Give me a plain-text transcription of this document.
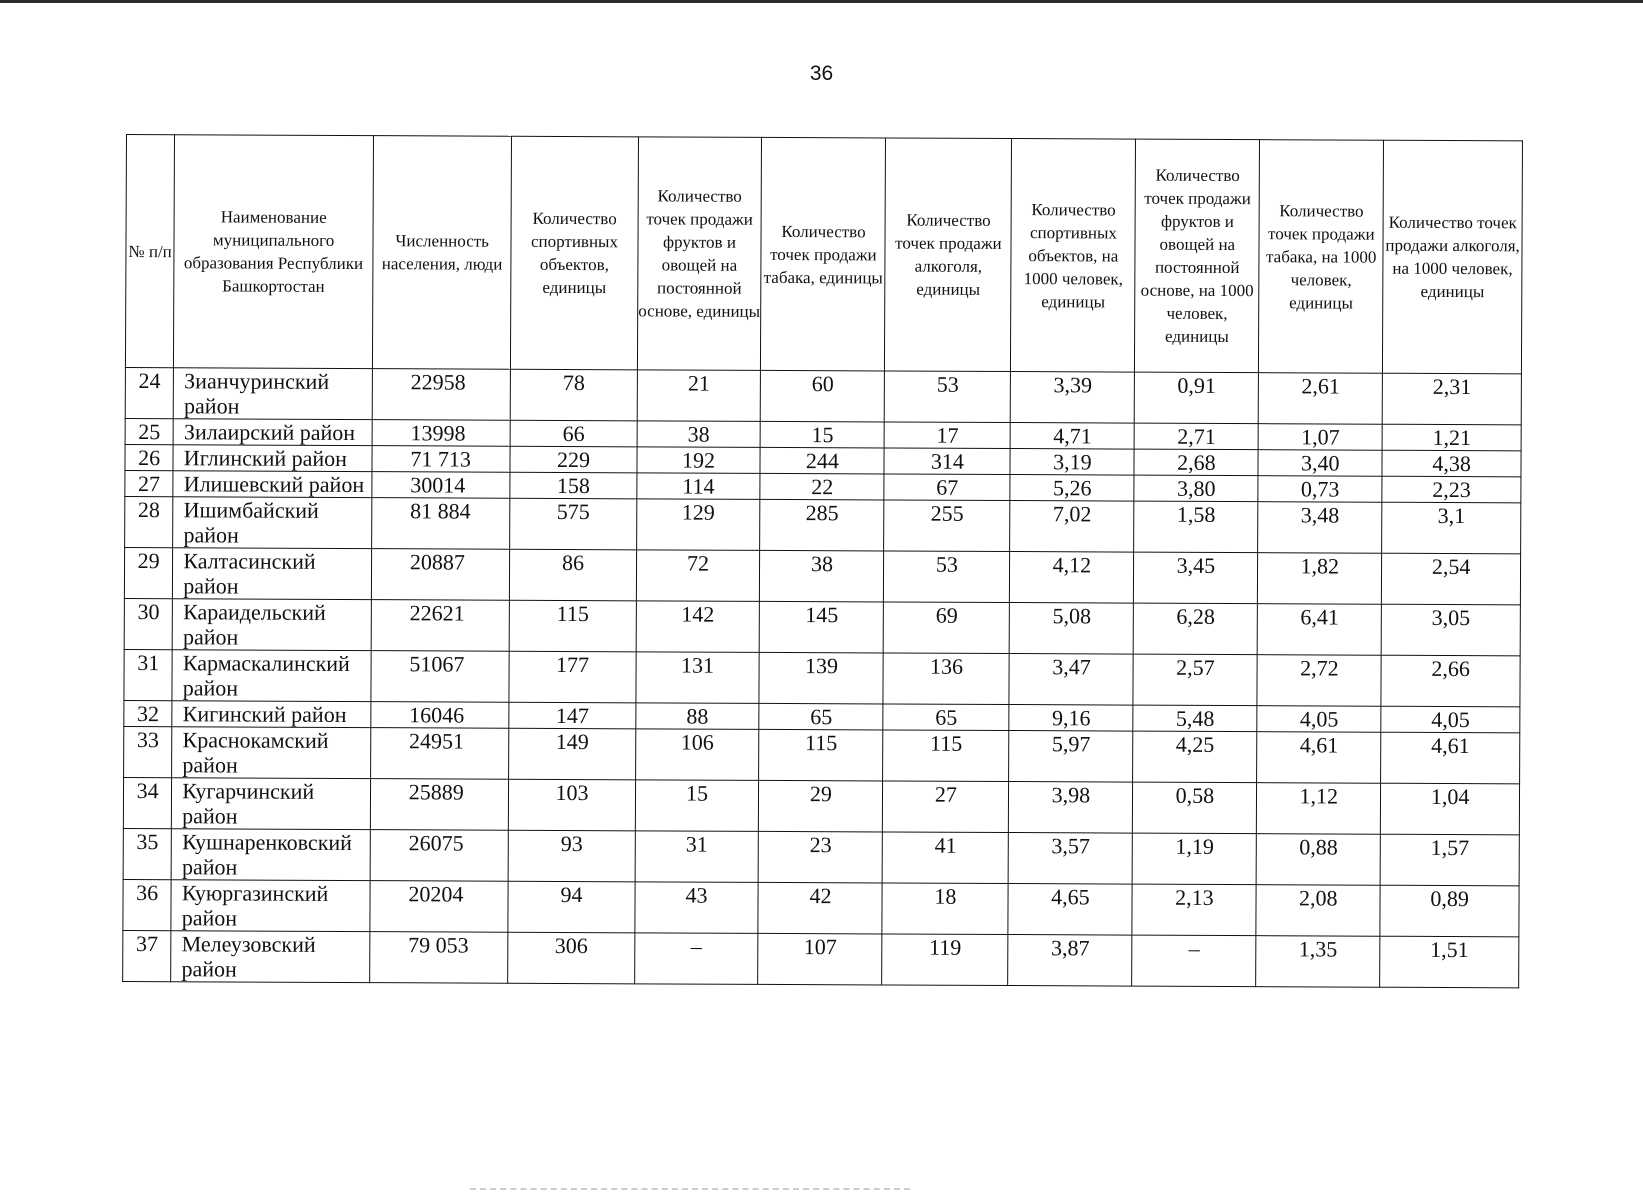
36
№ п/п	Наименование муниципального образования Республики Башкортостан	Численность населения, люди	Количество спортивных объектов, единицы	Количество точек продажи фруктов и овощей на постоянной основе, единицы	Количество точек продажи табака, единицы	Количество точек продажи алкоголя, единицы	Количество спортивных объектов, на 1000 человек, единицы	Количество точек продажи фруктов и овощей на постоянной основе, на 1000 человек, единицы	Количество точек продажи табака, на 1000 человек, единицы	Количество точек продажи алкоголя, на 1000 человек, единицы
24	Зианчуринский район	22958	78	21	60	53	3,39	0,91	2,61	2,31
25	Зилаирский район	13998	66	38	15	17	4,71	2,71	1,07	1,21
26	Иглинский район	71 713	229	192	244	314	3,19	2,68	3,40	4,38
27	Илишевский район	30014	158	114	22	67	5,26	3,80	0,73	2,23
28	Ишимбайский район	81 884	575	129	285	255	7,02	1,58	3,48	3,1
29	Калтасинский район	20887	86	72	38	53	4,12	3,45	1,82	2,54
30	Караидельский район	22621	115	142	145	69	5,08	6,28	6,41	3,05
31	Кармаскалинский район	51067	177	131	139	136	3,47	2,57	2,72	2,66
32	Кигинский район	16046	147	88	65	65	9,16	5,48	4,05	4,05
33	Краснокамский район	24951	149	106	115	115	5,97	4,25	4,61	4,61
34	Кугарчинский район	25889	103	15	29	27	3,98	0,58	1,12	1,04
35	Кушнаренковский район	26075	93	31	23	41	3,57	1,19	0,88	1,57
36	Куюргазинский район	20204	94	43	42	18	4,65	2,13	2,08	0,89
37	Мелеузовский район	79 053	306	–	107	119	3,87	–	1,35	1,51
